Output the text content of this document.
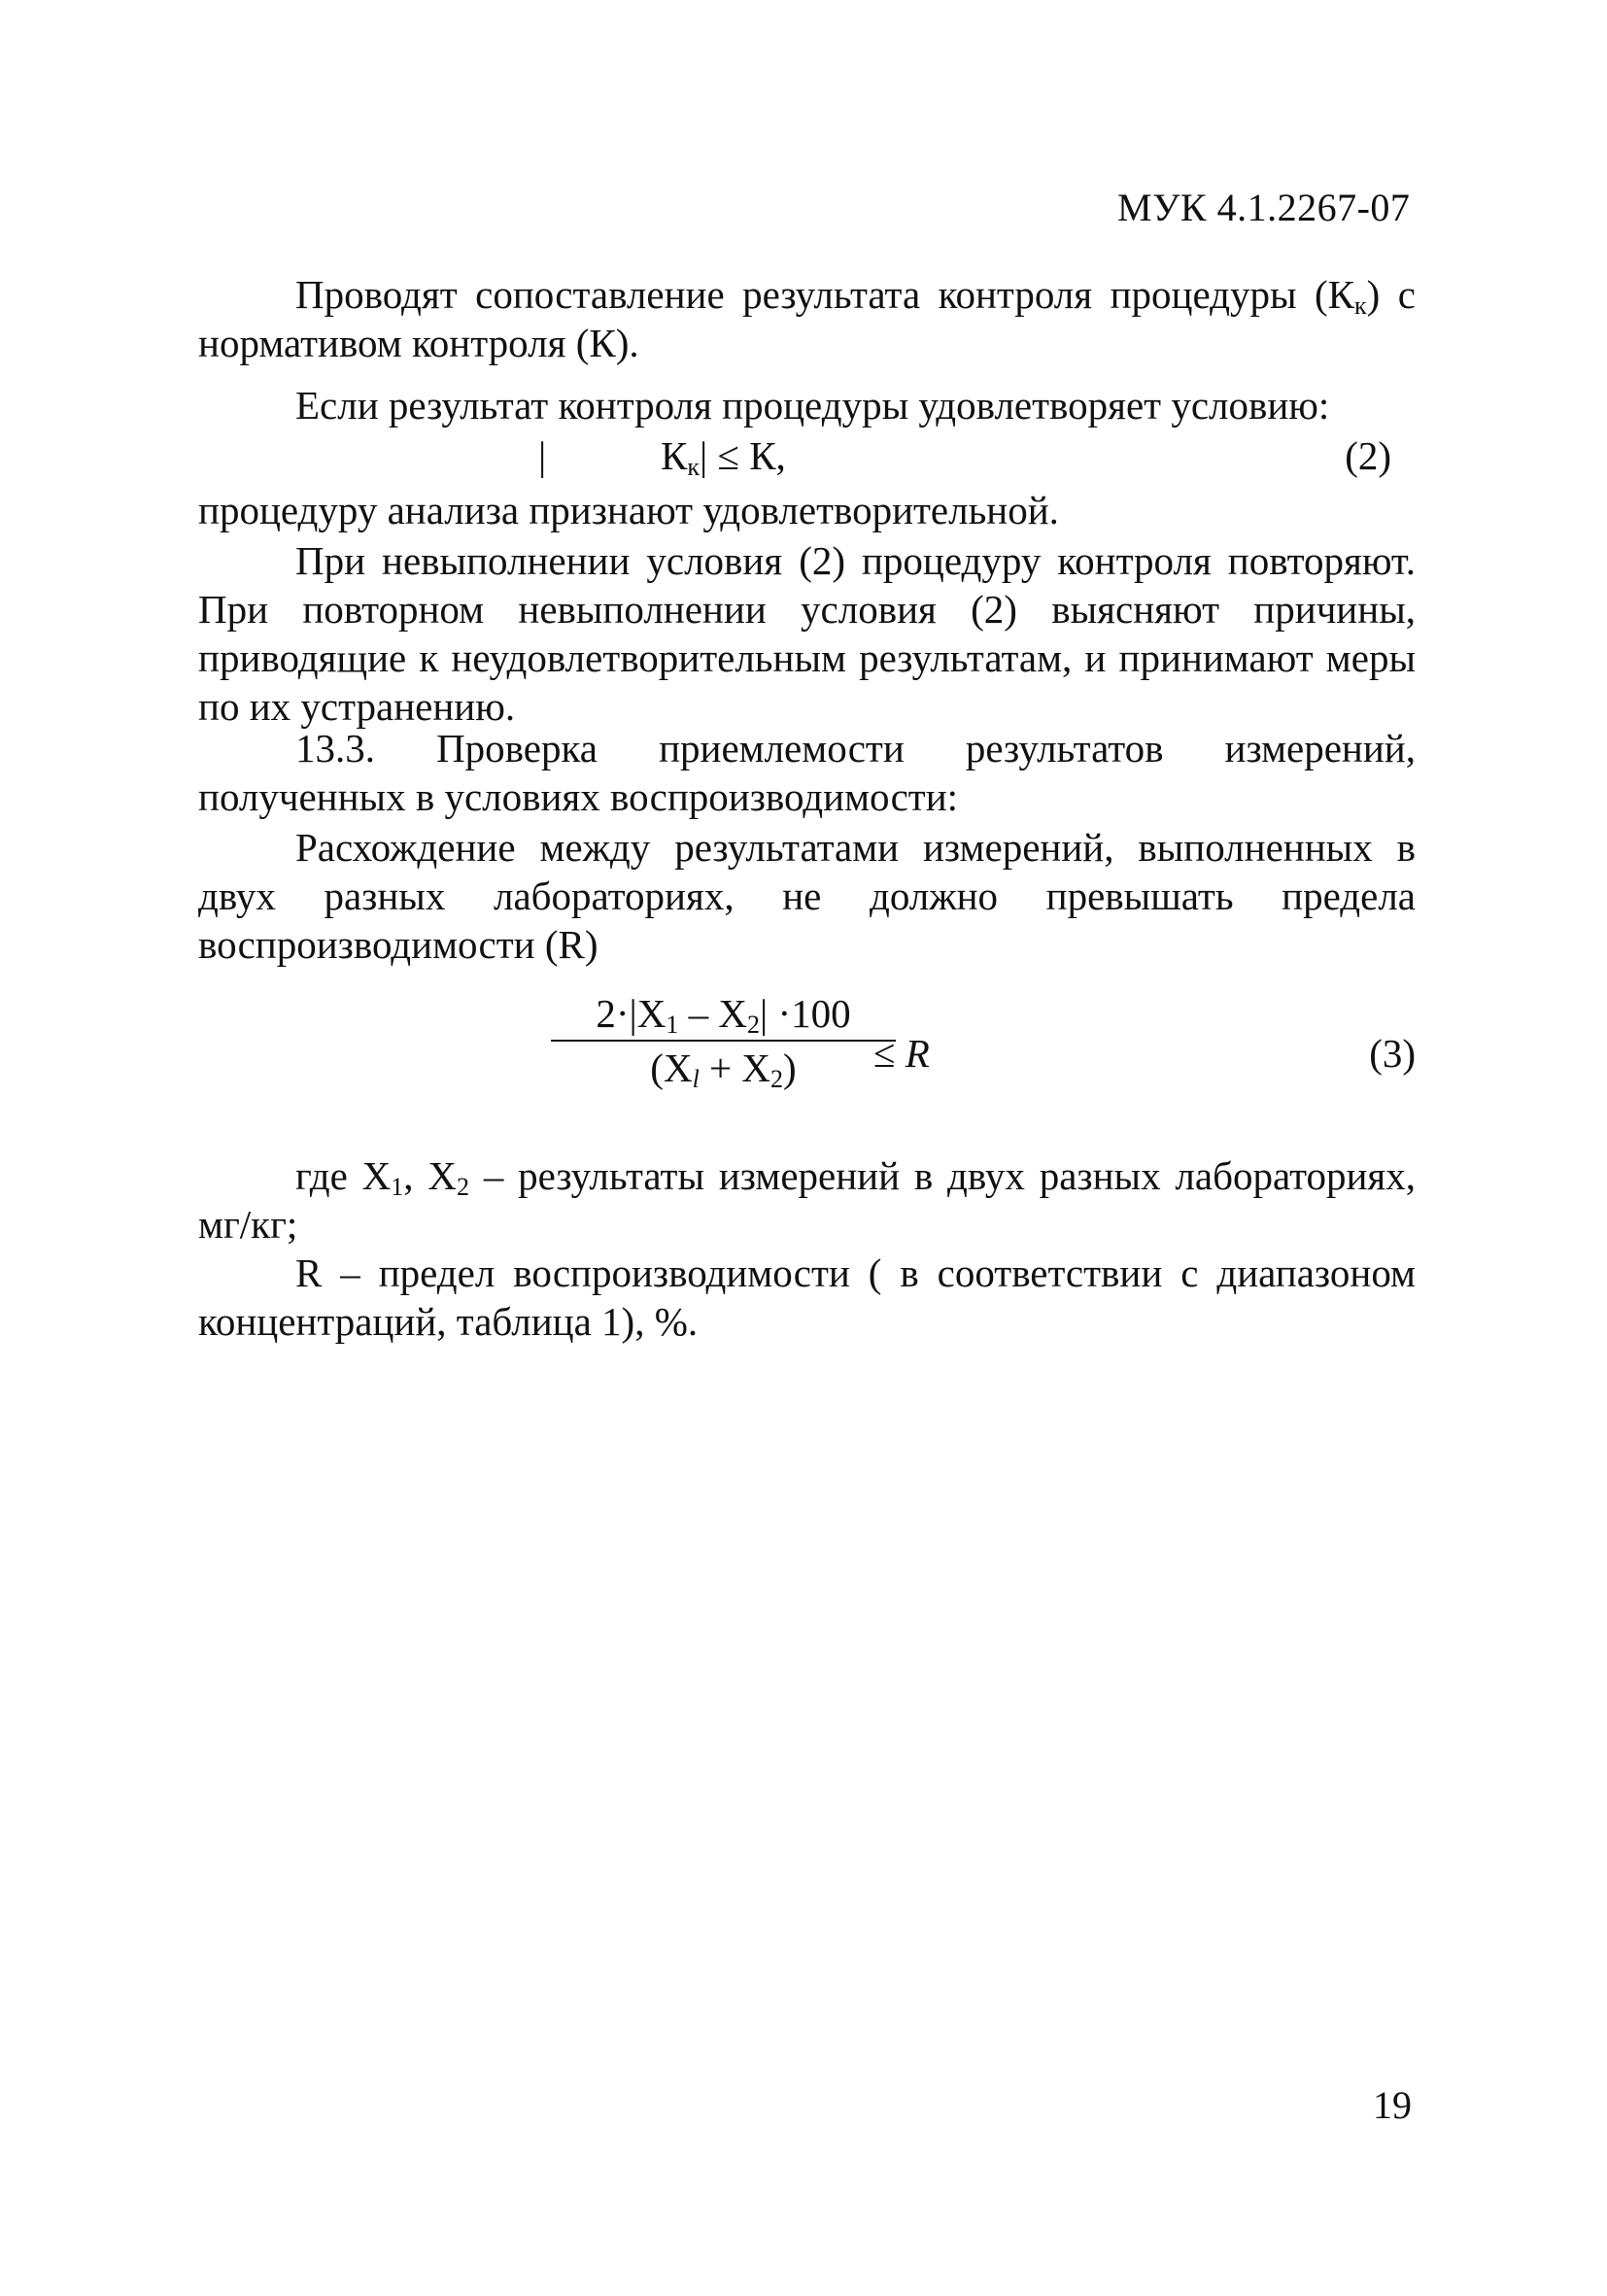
МУК 4.1.2267-07

Проводят сопоставление результата контроля процедуры $(К_к)$ с нормативом контроля (К).

Если результат контроля процедуры удовлетворяет условию:

|	$К_к| \le К$,	(2)

процедуру анализа признают удовлетворительной.

При невыполнении условия (2) процедуру контроля повторяют. При повторном невыполнении условия (2) выясняют причины, приводящие к неудовлетворительным результатам, и принимают меры по их устранению.

13.3. Проверка приемлемости результатов измерений, полученных в условиях воспроизводимости:

Расхождение между результатами измерений, выполненных в двух разных лабораториях, не должно превышать предела воспроизводимости (R)

$2\cdot|X_1 - X_2| \cdot 100$
$(X_l + X_2)$	≤ R	(3)

где $X_1$, $X_2$ – результаты измерений в двух разных лабораториях, мг/кг;

R – предел воспроизводимости ( в соответствии с диапазоном концентраций, таблица 1), %.

19
